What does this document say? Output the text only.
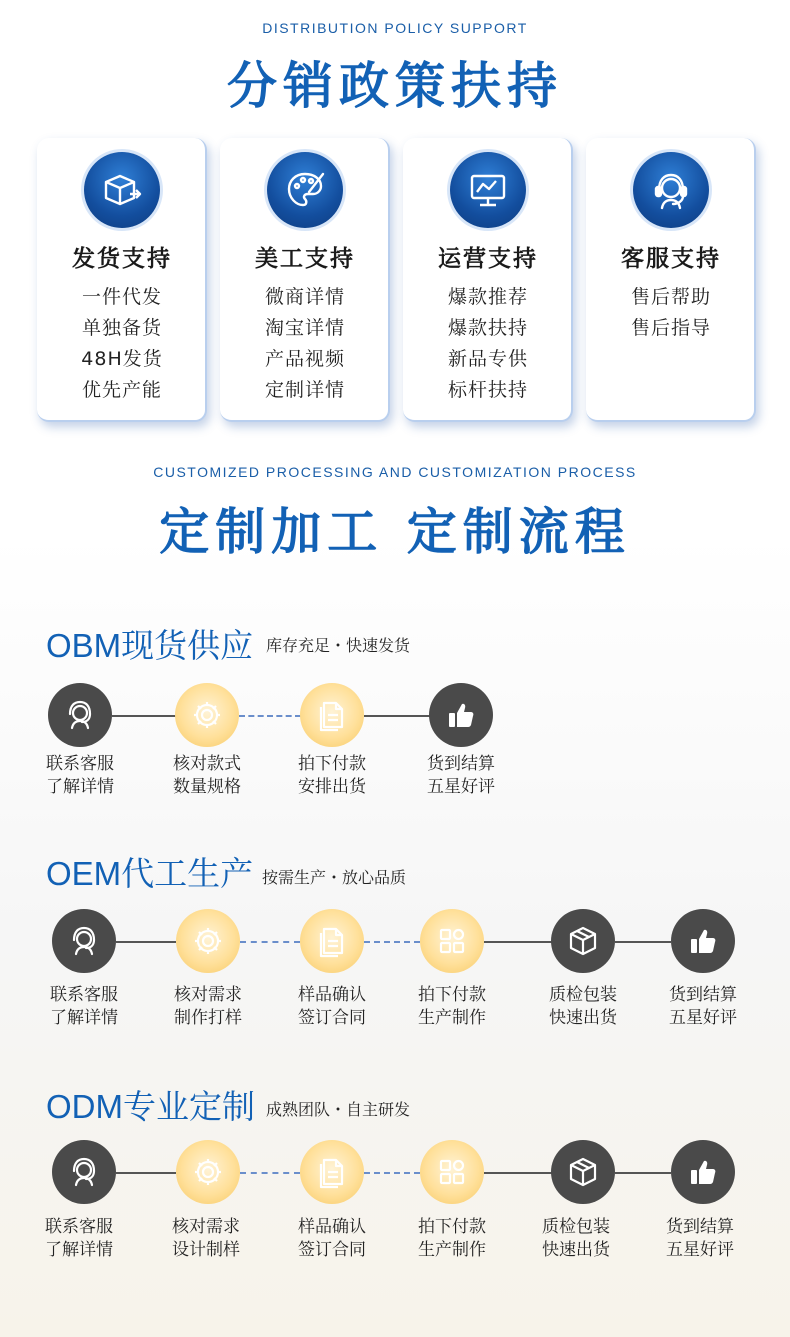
DISTRIBUTION POLICY SUPPORT
分销政策扶持
发货支持
一件代发
单独备货
48H发货
优先产能
美工支持
微商详情
淘宝详情
产品视频
定制详情
运营支持
爆款推荐
爆款扶持
新品专供
标杆扶持
客服支持
售后帮助
售后指导
CUSTOMIZED PROCESSING AND CUSTOMIZATION PROCESS
定制加工 定制流程
OBM现货供应 库存充足・快速发货
联系客服
了解详情
核对款式
数量规格
拍下付款
安排出货
货到结算
五星好评
OEM代工生产 按需生产・放心品质
联系客服
了解详情
核对需求
制作打样
样品确认
签订合同
拍下付款
生产制作
质检包装
快速出货
货到结算
五星好评
ODM专业定制 成熟团队・自主研发
联系客服
了解详情
核对需求
设计制样
样品确认
签订合同
拍下付款
生产制作
质检包装
快速出货
货到结算
五星好评
